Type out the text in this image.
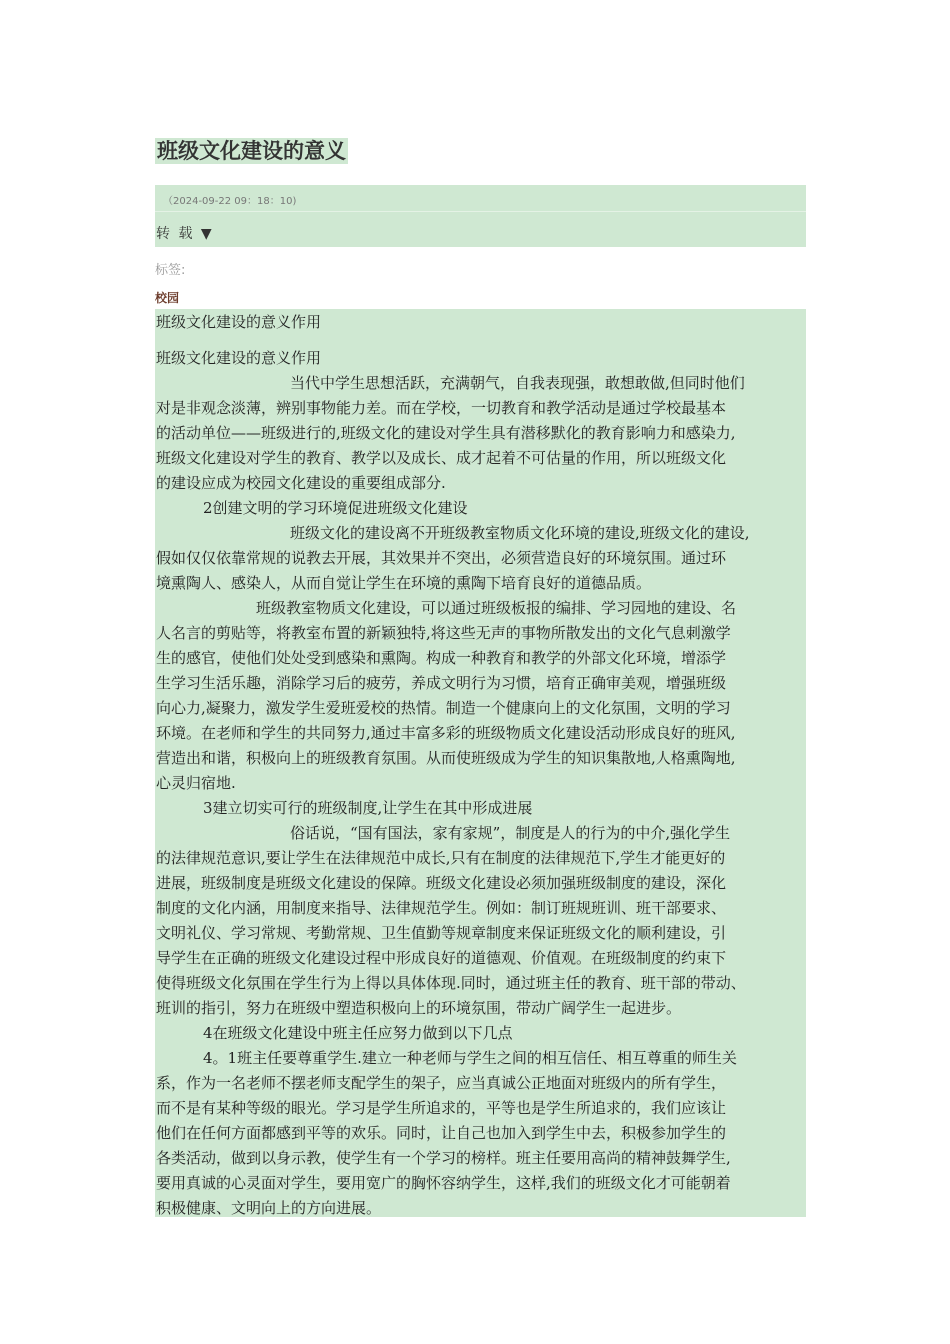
班级文化建设的意义
（2024-09-22 09：18：10)
转 载 ▼
标签:
校园
班级文化建设的意义作用
班级文化建设的意义作用
当代中学生思想活跃，充满朝气，自我表现强，敢想敢做,但同时他们
对是非观念淡薄，辨别事物能力差。而在学校，一切教育和教学活动是通过学校最基本
的活动单位——班级进行的,班级文化的建设对学生具有潜移默化的教育影响力和感染力,
班级文化建设对学生的教育、教学以及成长、成才起着不可估量的作用，所以班级文化
的建设应成为校园文化建设的重要组成部分.
2创建文明的学习环境促进班级文化建设
班级文化的建设离不开班级教室物质文化环境的建设,班级文化的建设,
假如仅仅依靠常规的说教去开展，其效果并不突出，必须营造良好的环境氛围。通过环
境熏陶人、感染人，从而自觉让学生在环境的熏陶下培育良好的道德品质。
班级教室物质文化建设，可以通过班级板报的编排、学习园地的建设、名
人名言的剪贴等，将教室布置的新颖独特,将这些无声的事物所散发出的文化气息刺激学
生的感官，使他们处处受到感染和熏陶。构成一种教育和教学的外部文化环境，增添学
生学习生活乐趣，消除学习后的疲劳，养成文明行为习惯，培育正确审美观，增强班级
向心力,凝聚力，激发学生爱班爱校的热情。制造一个健康向上的文化氛围，文明的学习
环境。在老师和学生的共同努力,通过丰富多彩的班级物质文化建设活动形成良好的班风,
营造出和谐，积极向上的班级教育氛围。从而使班级成为学生的知识集散地,人格熏陶地,
心灵归宿地.
3建立切实可行的班级制度,让学生在其中形成进展
俗话说，“国有国法，家有家规”，制度是人的行为的中介,强化学生
的法律规范意识,要让学生在法律规范中成长,只有在制度的法律规范下,学生才能更好的
进展，班级制度是班级文化建设的保障。班级文化建设必须加强班级制度的建设，深化
制度的文化内涵，用制度来指导、法律规范学生。例如：制订班规班训、班干部要求、
文明礼仪、学习常规、考勤常规、卫生值勤等规章制度来保证班级文化的顺利建设，引
导学生在正确的班级文化建设过程中形成良好的道德观、价值观。在班级制度的约束下
使得班级文化氛围在学生行为上得以具体体现.同时，通过班主任的教育、班干部的带动、
班训的指引，努力在班级中塑造积极向上的环境氛围，带动广阔学生一起进步。
4在班级文化建设中班主任应努力做到以下几点
4。1班主任要尊重学生.建立一种老师与学生之间的相互信任、相互尊重的师生关
系，作为一名老师不摆老师支配学生的架子，应当真诚公正地面对班级内的所有学生，
而不是有某种等级的眼光。学习是学生所追求的，平等也是学生所追求的，我们应该让
他们在任何方面都感到平等的欢乐。同时，让自己也加入到学生中去，积极参加学生的
各类活动，做到以身示教，使学生有一个学习的榜样。班主任要用高尚的精神鼓舞学生,
要用真诚的心灵面对学生，要用宽广的胸怀容纳学生，这样,我们的班级文化才可能朝着
积极健康、文明向上的方向进展。
